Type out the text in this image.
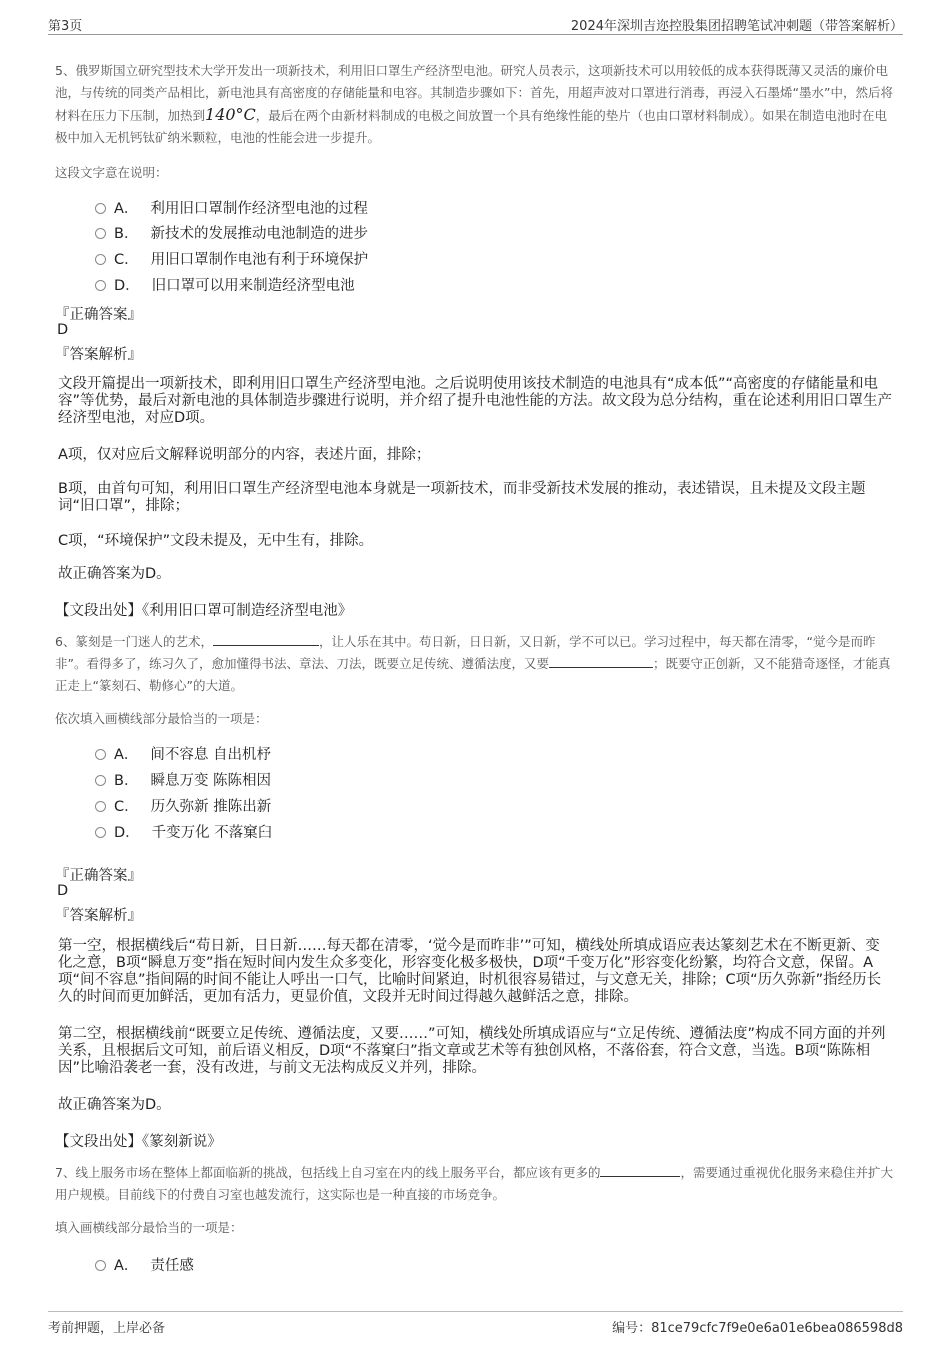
第3页	2024年深圳吉迩控股集团招聘笔试冲刺题（带答案解析）
5、俄罗斯国立研究型技术大学开发出一项新技术，利用旧口罩生产经济型电池。研究人员表示，这项新技术可以用较低的成本获得既薄又灵活的廉价电池，与传统的同类产品相比，新电池具有高密度的存储能量和电容。其制造步骤如下：首先，用超声波对口罩进行消毒，再浸入石墨烯“墨水”中，然后将材料在压力下压制，加热到140°C，最后在两个由新材料制成的电极之间放置一个具有绝缘性能的垫片（也由口罩材料制成）。如果在制造电池时在电极中加入无机钙钛矿纳米颗粒，电池的性能会进一步提升。
这段文字意在说明：
A． 利用旧口罩制作经济型电池的过程
B． 新技术的发展推动电池制造的进步
C． 用旧口罩制作电池有利于环境保护
D． 旧口罩可以用来制造经济型电池
『正确答案』
D
『答案解析』
文段开篇提出一项新技术，即利用旧口罩生产经济型电池。之后说明使用该技术制造的电池具有“成本低”“高密度的存储能量和电容”等优势，最后对新电池的具体制造步骤进行说明，并介绍了提升电池性能的方法。故文段为总分结构，重在论述利用旧口罩生产经济型电池，对应D项。
A项，仅对应后文解释说明部分的内容，表述片面，排除；
B项，由首句可知，利用旧口罩生产经济型电池本身就是一项新技术，而非受新技术发展的推动，表述错误，且未提及文段主题词“旧口罩”，排除；
C项，“环境保护”文段未提及，无中生有，排除。
故正确答案为D。
【文段出处】《利用旧口罩可制造经济型电池》
6、篆刻是一门迷人的艺术，	，让人乐在其中。苟日新，日日新，又日新，学不可以已。学习过程中，每天都在清零，“觉今是而昨非”。看得多了，练习久了，愈加懂得书法、章法、刀法，既要立足传统、遵循法度，又要	；既要守正创新，又不能猎奇逐怪，才能真正走上“篆刻石、勒修心”的大道。
依次填入画横线部分最恰当的一项是：
A． 间不容息 自出机杼
B． 瞬息万变 陈陈相因
C． 历久弥新 推陈出新
D． 千变万化 不落窠臼
『正确答案』
D
『答案解析』
第一空，根据横线后“苟日新，日日新……每天都在清零，‘觉今是而昨非’”可知，横线处所填成语应表达篆刻艺术在不断更新、变化之意，B项“瞬息万变”指在短时间内发生众多变化，形容变化极多极快，D项“千变万化”形容变化纷繁，均符合文意，保留。A项“间不容息”指间隔的时间不能让人呼出一口气，比喻时间紧迫，时机很容易错过，与文意无关，排除；C项“历久弥新”指经历长久的时间而更加鲜活，更加有活力，更显价值，文段并无时间过得越久越鲜活之意，排除。
第二空，根据横线前“既要立足传统、遵循法度，又要……”可知，横线处所填成语应与“立足传统、遵循法度”构成不同方面的并列关系，且根据后文可知，前后语义相反，D项“不落窠臼”指文章或艺术等有独创风格，不落俗套，符合文意，当选。B项“陈陈相因”比喻沿袭老一套，没有改进，与前文无法构成反义并列，排除。
故正确答案为D。
【文段出处】《篆刻新说》
7、线上服务市场在整体上都面临新的挑战，包括线上自习室在内的线上服务平台，都应该有更多的	，需要通过重视优化服务来稳住并扩大用户规模。目前线下的付费自习室也越发流行，这实际也是一种直接的市场竞争。
填入画横线部分最恰当的一项是：
A． 责任感
考前押题，上岸必备	编号：81ce79cfc7f9e0e6a01e6bea086598d8
